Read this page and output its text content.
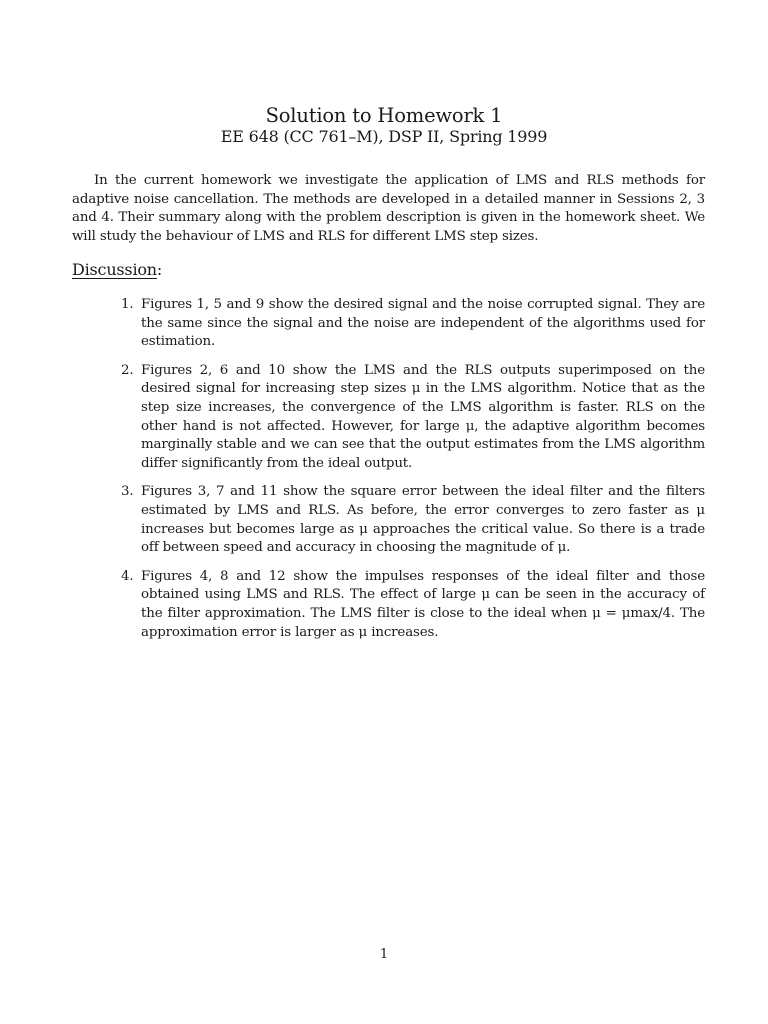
Solution to Homework 1
EE 648 (CC 761–M), DSP II, Spring 1999

In the current homework we investigate the application of LMS and RLS methods for adaptive noise cancellation. The methods are developed in a detailed manner in Sessions 2, 3 and 4. Their summary along with the problem description is given in the homework sheet. We will study the behaviour of LMS and RLS for different LMS step sizes.

Discussion:
1. Figures 1, 5 and 9 show the desired signal and the noise corrupted signal. They are the same since the signal and the noise are independent of the algorithms used for estimation.
2. Figures 2, 6 and 10 show the LMS and the RLS outputs superimposed on the desired signal for increasing step sizes μ in the LMS algorithm. Notice that as the step size increases, the convergence of the LMS algorithm is faster. RLS on the other hand is not affected. However, for large μ, the adaptive algorithm becomes marginally stable and we can see that the output estimates from the LMS algorithm differ significantly from the ideal output.
3. Figures 3, 7 and 11 show the square error between the ideal filter and the filters estimated by LMS and RLS. As before, the error converges to zero faster as μ increases but becomes large as μ approaches the critical value. So there is a trade off between speed and accuracy in choosing the magnitude of μ.
4. Figures 4, 8 and 12 show the impulses responses of the ideal filter and those obtained using LMS and RLS. The effect of large μ can be seen in the accuracy of the filter approximation. The LMS filter is close to the ideal when μ = μmax/4. The approximation error is larger as μ increases.
1
